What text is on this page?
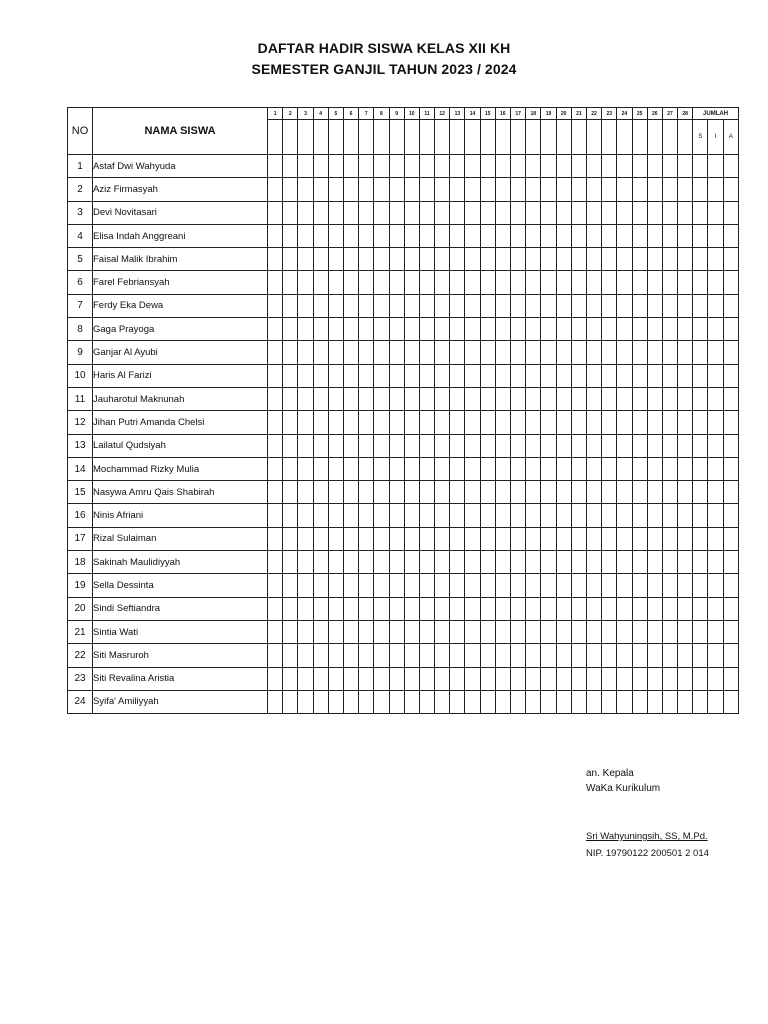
DAFTAR HADIR SISWA KELAS XII KH
SEMESTER GANJIL TAHUN 2023 / 2024
NO	NAMA SISWA	1	2	3	4	5	6	7	8	9	10	11	12	13	14	15	16	17	18	19	20	21	22	23	24	25	26	27	28	JUMLAH		
																														S	I	A
1	Astaf Dwi Wahyuda																															
2	Aziz Firmasyah																															
3	Devi Novitasari																															
4	Elisa Indah Anggreani																															
5	Faisal Malik Ibrahim																															
6	Farel Febriansyah																															
7	Ferdy Eka Dewa																															
8	Gaga Prayoga																															
9	Ganjar Al Ayubi																															
10	Haris Al Farizi																															
11	Jauharotul Maknunah																															
12	Jihan Putri Amanda Chelsi																															
13	Lailatul Qudsiyah																															
14	Mochammad Rizky Mulia																															
15	Nasywa Amru Qais Shabirah																															
16	Ninis Afriani																															
17	Rizal Sulaiman																															
18	Sakinah Maulidiyyah																															
19	Sella Dessinta																															
20	Sindi Seftiandra																															
21	Sintia Wati																															
22	Siti Masruroh																															
23	Siti Revalina Aristia																															
24	Syifa' Amiliyyah																															
an. Kepala
WaKa Kurikulum
Sri Wahyuningsih, SS, M.Pd.
NIP. 19790122 200501 2 014
